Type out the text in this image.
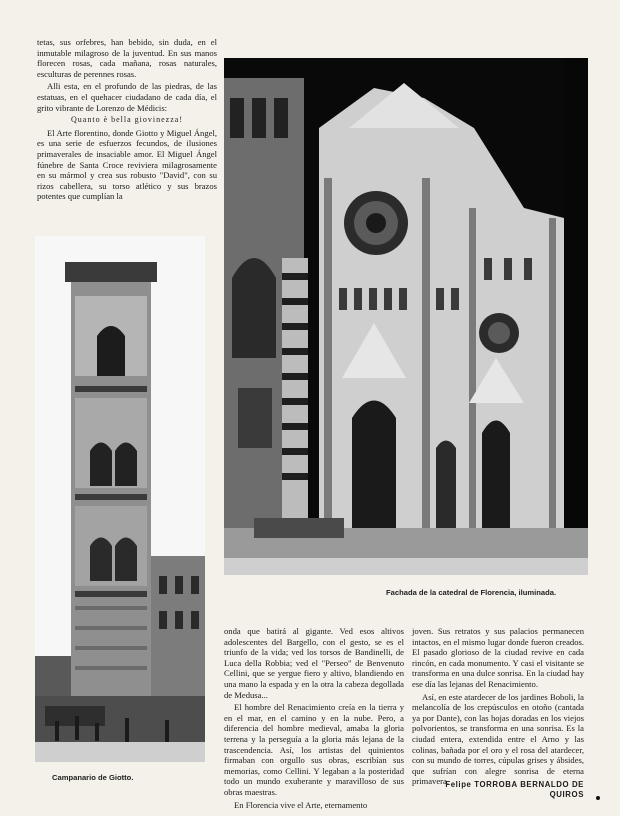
tetas, sus orfebres, han bebido, sin duda, en el inmutable milagroso de la juventud. En sus manos florecen rosas, cada mañana, rosas naturales, esculturas de perennes rosas.

Alli esta, en el profundo de las piedras, de las estatuas, en el quehacer ciudadano de cada día, el grito vibrante de Lorenzo de Médicis:

Quanto è bella giovinezza!

El Arte florentino, donde Giotto y Miguel Ángel, es una serie de esfuerzos fecundos, de ilusiones primaverales de insaciable amor. El Miguel Ángel fúnebre de Santa Croce reviviera milagrosamente en su mármol y crea sus robusto "David", con su rizos cabellera, su torso atlético y sus brazos potentes que cumplían la

Campanario de Giotto.
Fachada de la catedral de Florencia, iluminada.

onda que batirá al gigante. Ved esos altivos adolescentes del Bargello, con el gesto, se es el triunfo de la vida; ved los torsos de Bandinelli, de Luca della Robbia; ved el "Perseo" de Benvenuto Cellini, que se yergue fiero y altivo, blandiendo en una mano la espada y en la otra la cabeza degollada de Medusa...

El hombre del Renacimiento creía en la tierra y en el mar, en el camino y en la nube. Pero, a diferencia del hombre medieval, amaba la gloria terrena y la perseguía a la gloria más lejana de la trascendencia. Así, los artistas del quinientos firmaban con orgullo sus obras, escribían sus memorias, como Cellini. Y legaban a la posteridad todo un mundo exuberante y maravilloso de sus obras maestras.

En Florencia vive el Arte, eternamento

joven. Sus retratos y sus palacios permanecen intactos, en el mismo lugar donde fueron creados. El pasado glorioso de la ciudad revive en cada rincón, en cada monumento. Y casi el visitante se transforma en una dulce sonrisa. En la ciudad hay ese día las lejanas del Renacimiento.

Así, en este atardecer de los jardines Boboli, la melancolía de los crepúsculos en otoño (cantada ya por Dante), con las hojas doradas en los viejos polvorientos, se transforma en una sonrisa. Es la ciudad entera, extendida entre el Arno y las colinas, bañada por el oro y el rosa del atardecer, con su mundo de torres, cúpulas grises y ábsides, que sufrían con alegre sonrisa de eterna primavera.

Felipe TORROBA BERNALDO DE
QUIROS
